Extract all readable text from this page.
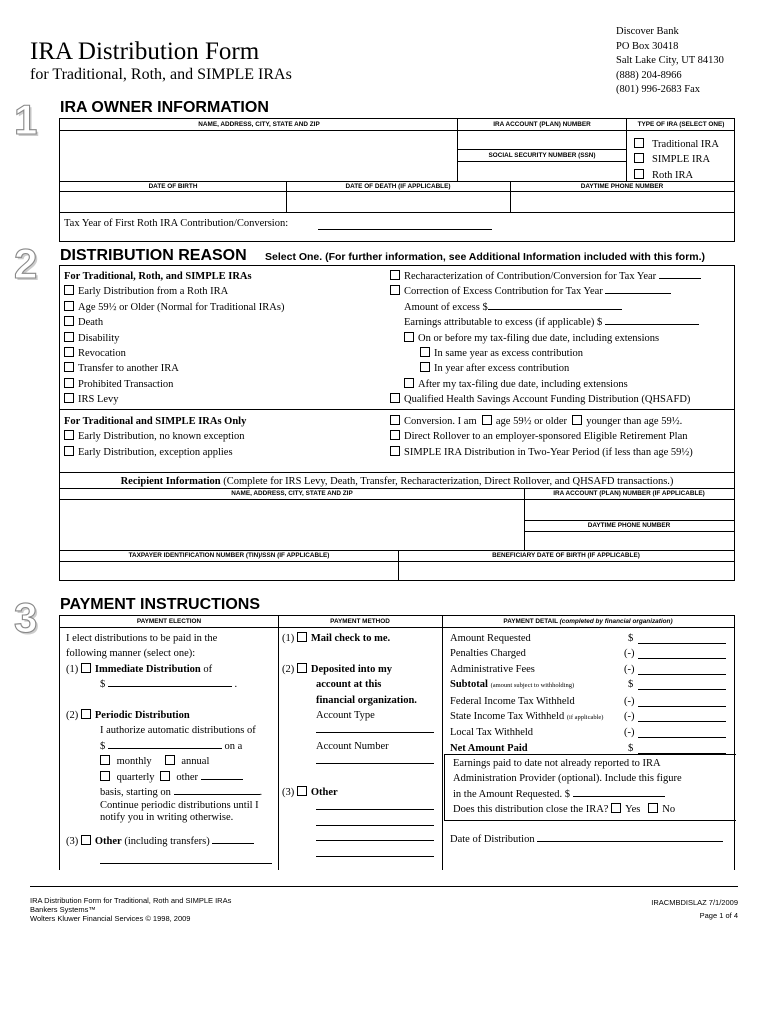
IRA Distribution Form
for Traditional, Roth, and SIMPLE IRAs
Discover Bank
PO Box 30418
Salt Lake City, UT 84130
(888) 204-8966
(801) 996-2683 Fax
1 IRA OWNER INFORMATION
NAME, ADDRESS, CITY, STATE AND ZIP	IRA ACCOUNT (PLAN) NUMBER	TYPE OF IRA (SELECT ONE)
SOCIAL SECURITY NUMBER (SSN)
Traditional IRA
SIMPLE IRA
Roth IRA
DATE OF BIRTH	DATE OF DEATH (IF APPLICABLE)	DAYTIME PHONE NUMBER
Tax Year of First Roth IRA Contribution/Conversion:
2 DISTRIBUTION REASON Select One. (For further information, see Additional Information included with this form.)
For Traditional, Roth, and SIMPLE IRAs
Early Distribution from a Roth IRA
Age 59½ or Older (Normal for Traditional IRAs)
Death
Disability
Revocation
Transfer to another IRA
Prohibited Transaction
IRS Levy
Recharacterization of Contribution/Conversion for Tax Year
Correction of Excess Contribution for Tax Year
Amount of excess $
Earnings attributable to excess (if applicable) $
On or before my tax-filing due date, including extensions
In same year as excess contribution
In year after excess contribution
After my tax-filing due date, including extensions
Qualified Health Savings Account Funding Distribution (QHSAFD)
For Traditional and SIMPLE IRAs Only
Early Distribution, no known exception
Early Distribution, exception applies
Conversion. I am age 59½ or older younger than age 59½.
Direct Rollover to an employer-sponsored Eligible Retirement Plan
SIMPLE IRA Distribution in Two-Year Period (if less than age 59½)
Recipient Information (Complete for IRS Levy, Death, Transfer, Recharacterization, Direct Rollover, and QHSAFD transactions.)
NAME, ADDRESS, CITY, STATE AND ZIP	IRA ACCOUNT (PLAN) NUMBER (IF APPLICABLE)
DAYTIME PHONE NUMBER
TAXPAYER IDENTIFICATION NUMBER (TIN)/SSN (IF APPLICABLE)	BENEFICIARY DATE OF BIRTH (IF APPLICABLE)
3 PAYMENT INSTRUCTIONS
PAYMENT ELECTION	PAYMENT METHOD	PAYMENT DETAIL (completed by financial organization)
I elect distributions to be paid in the
following manner (select one):
(1) Immediate Distribution of
$	.
(2) Periodic Distribution
I authorize automatic distributions of
$	on a
monthly	annual
quarterly other
basis, starting on	.
Continue periodic distributions until I
notify you in writing otherwise.
(3) Other (including transfers)
(1) Mail check to me.
(2) Deposited into my
account at this
financial organization.
Account Type
Account Number
(3) Other
Amount Requested	$
Penalties Charged	(-)
Administrative Fees	(-)
Subtotal (amount subject to withholding)	$
Federal Income Tax Withheld	(-)
State Income Tax Withheld (if applicable) (-)
Local Tax Withheld	(-)
Net Amount Paid	$
Earnings paid to date not already reported to IRA
Administration Provider (optional). Include this figure
in the Amount Requested. $
Does this distribution close the IRA? Yes No
Date of Distribution
IRA Distribution Form for Traditional, Roth and SIMPLE IRAs
Bankers Systems™
Wolters Kluwer Financial Services © 1998, 2009
IRACMBDISLAZ 7/1/2009
Page 1 of 4
